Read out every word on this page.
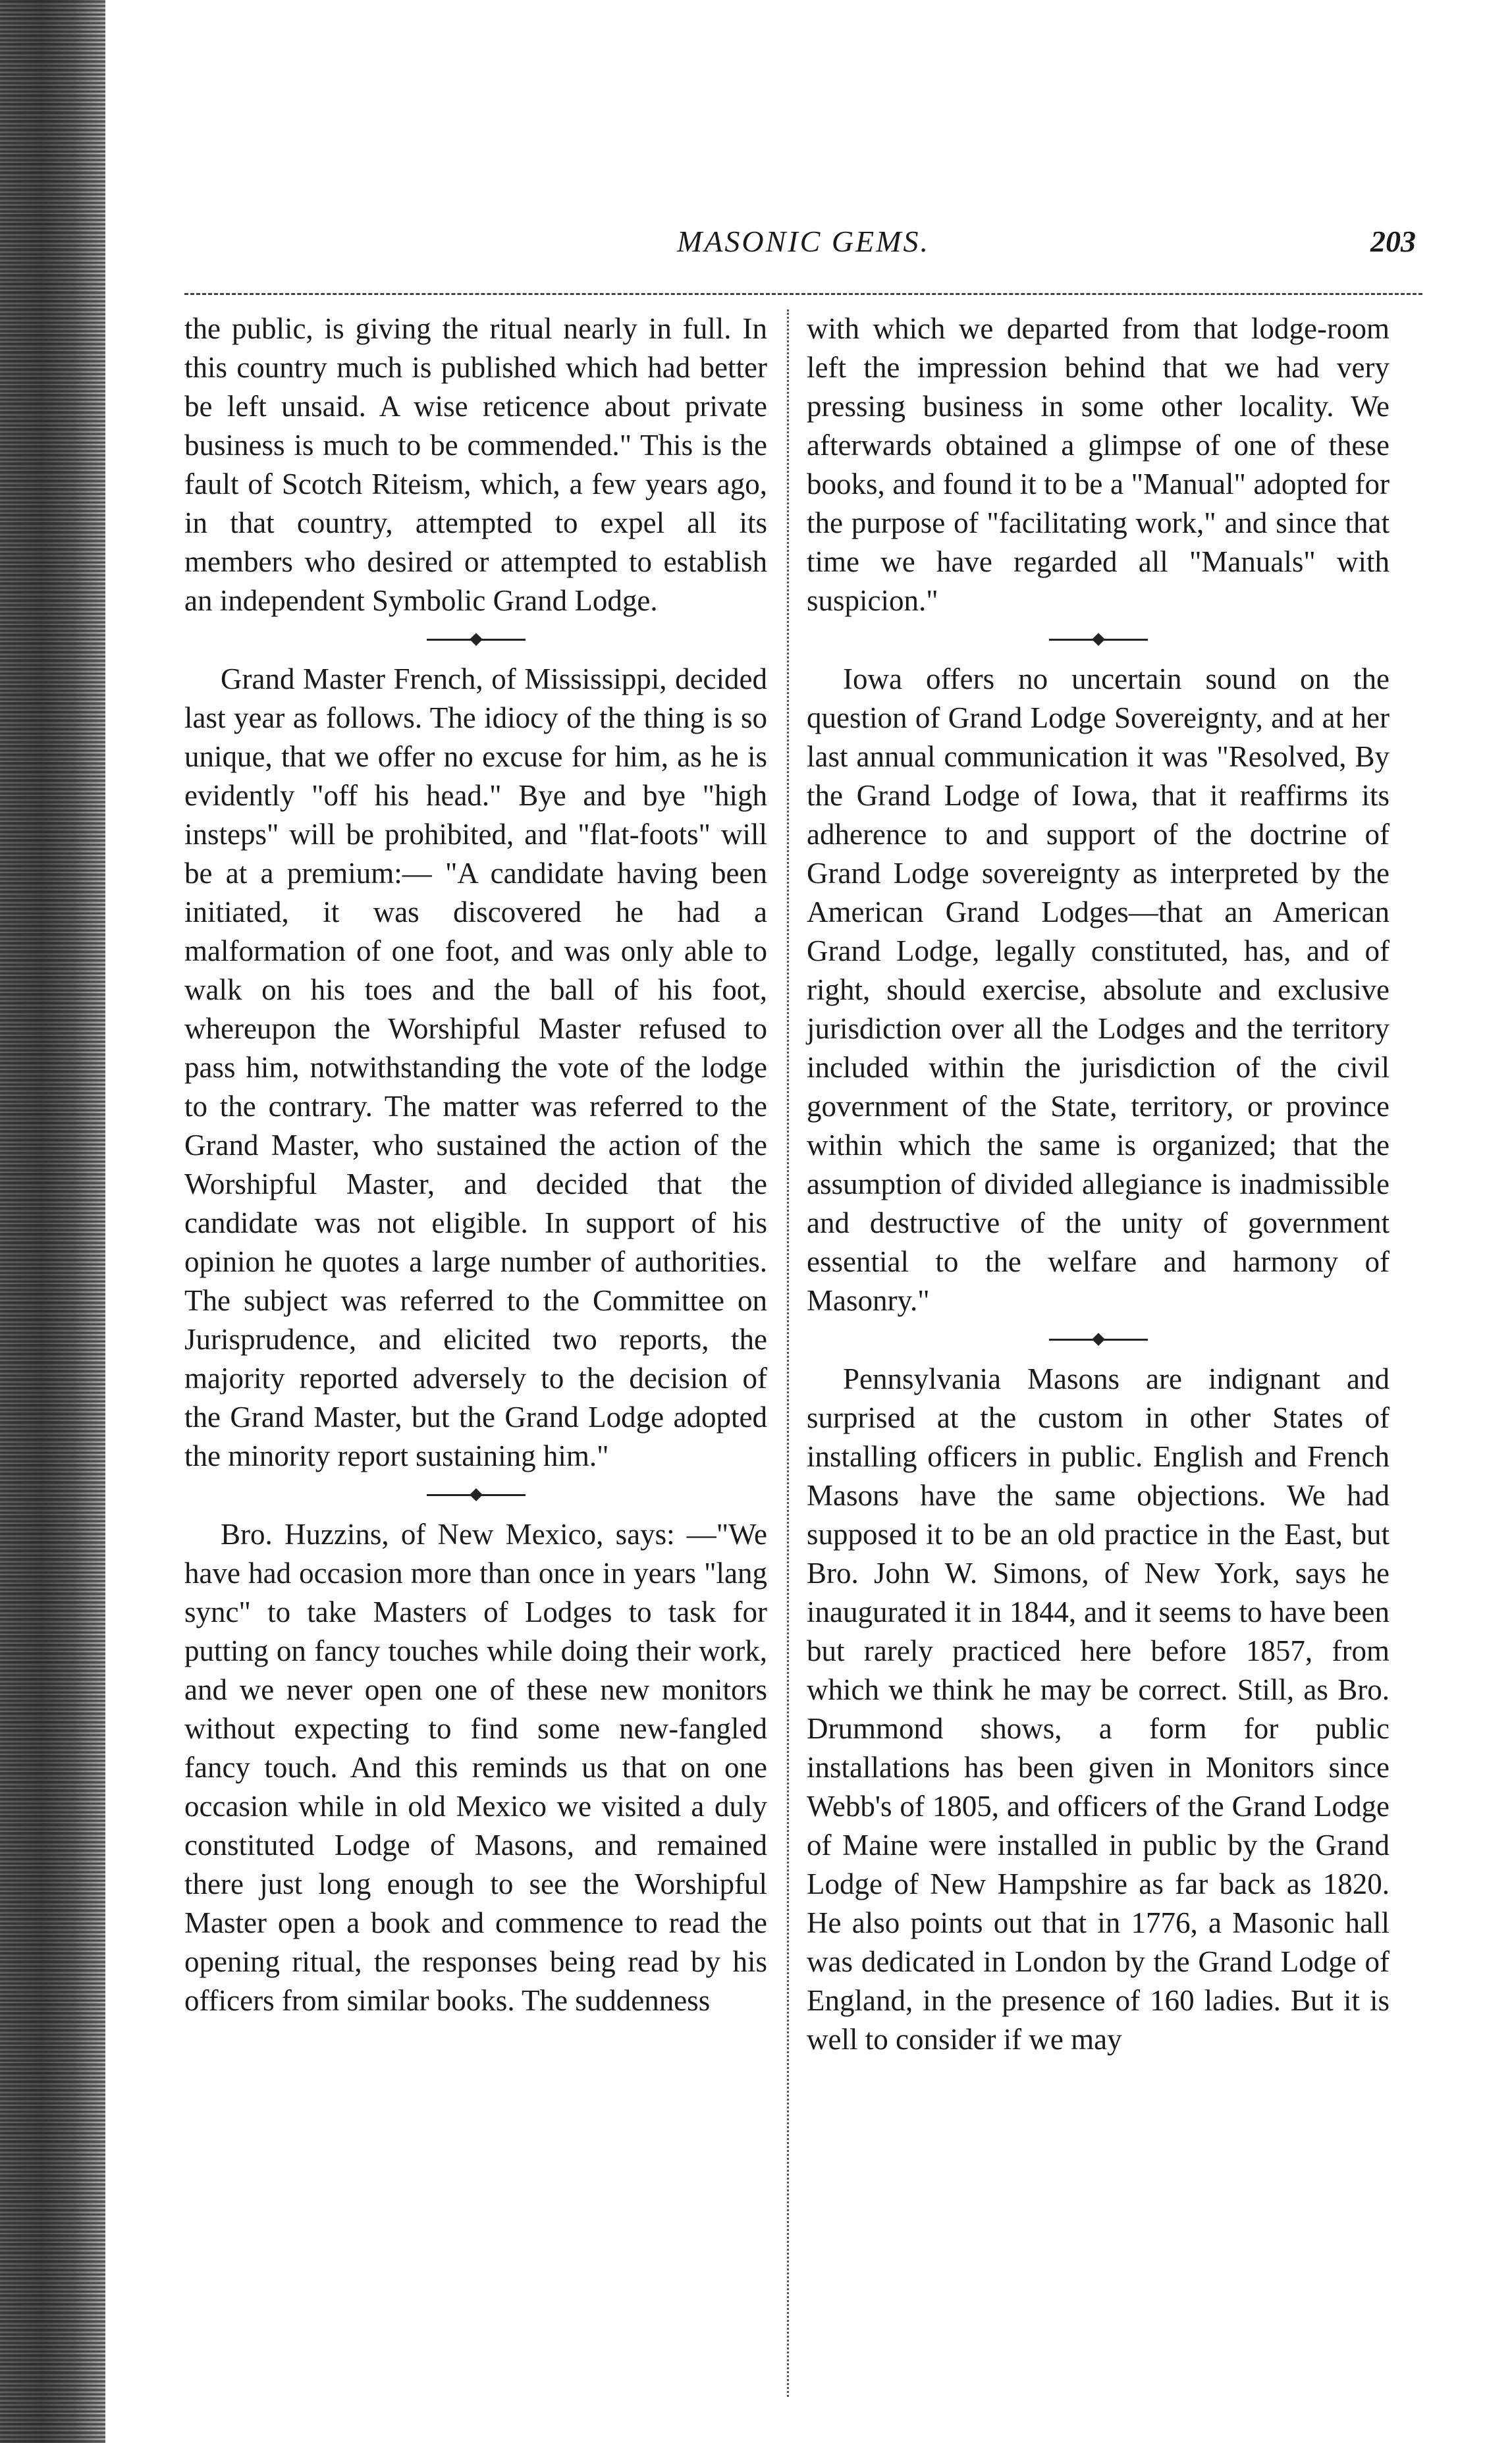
MASONIC GEMS.	203

the public, is giving the ritual nearly in full. In this country much is published which had better be left unsaid. A wise reticence about private business is much to be commended." This is the fault of Scotch Riteism, which, a few years ago, in that country, attempted to expel all its members who desired or attempted to establish an independent Symbolic Grand Lodge.

Grand Master French, of Mississippi, decided last year as follows. The idiocy of the thing is so unique, that we offer no excuse for him, as he is evidently "off his head." Bye and bye "high insteps" will be prohibited, and "flat-foots" will be at a premium:— "A candidate having been initiated, it was discovered he had a malformation of one foot, and was only able to walk on his toes and the ball of his foot, whereupon the Worshipful Master refused to pass him, notwithstanding the vote of the lodge to the contrary. The matter was referred to the Grand Master, who sustained the action of the Worshipful Master, and decided that the candidate was not eligible. In support of his opinion he quotes a large number of authorities. The subject was referred to the Committee on Jurisprudence, and elicited two reports, the majority reported adversely to the decision of the Grand Master, but the Grand Lodge adopted the minority report sustaining him."

Bro. Huzzins, of New Mexico, says: —"We have had occasion more than once in years "lang sync" to take Masters of Lodges to task for putting on fancy touches while doing their work, and we never open one of these new monitors without expecting to find some new-fangled fancy touch. And this reminds us that on one occasion while in old Mexico we visited a duly constituted Lodge of Masons, and remained there just long enough to see the Worshipful Master open a book and commence to read the opening ritual, the responses being read by his officers from similar books. The suddenness

with which we departed from that lodge-room left the impression behind that we had very pressing business in some other locality. We afterwards obtained a glimpse of one of these books, and found it to be a "Manual" adopted for the purpose of "facilitating work," and since that time we have regarded all "Manuals" with suspicion."

Iowa offers no uncertain sound on the question of Grand Lodge Sovereignty, and at her last annual communication it was "Resolved, By the Grand Lodge of Iowa, that it reaffirms its adherence to and support of the doctrine of Grand Lodge sovereignty as interpreted by the American Grand Lodges—that an American Grand Lodge, legally constituted, has, and of right, should exercise, absolute and exclusive jurisdiction over all the Lodges and the territory included within the jurisdiction of the civil government of the State, territory, or province within which the same is organized; that the assumption of divided allegiance is inadmissible and destructive of the unity of government essential to the welfare and harmony of Masonry."

Pennsylvania Masons are indignant and surprised at the custom in other States of installing officers in public. English and French Masons have the same objections. We had supposed it to be an old practice in the East, but Bro. John W. Simons, of New York, says he inaugurated it in 1844, and it seems to have been but rarely practiced here before 1857, from which we think he may be correct. Still, as Bro. Drummond shows, a form for public installations has been given in Monitors since Webb's of 1805, and officers of the Grand Lodge of Maine were installed in public by the Grand Lodge of New Hampshire as far back as 1820. He also points out that in 1776, a Masonic hall was dedicated in London by the Grand Lodge of England, in the presence of 160 ladies. But it is well to consider if we may
